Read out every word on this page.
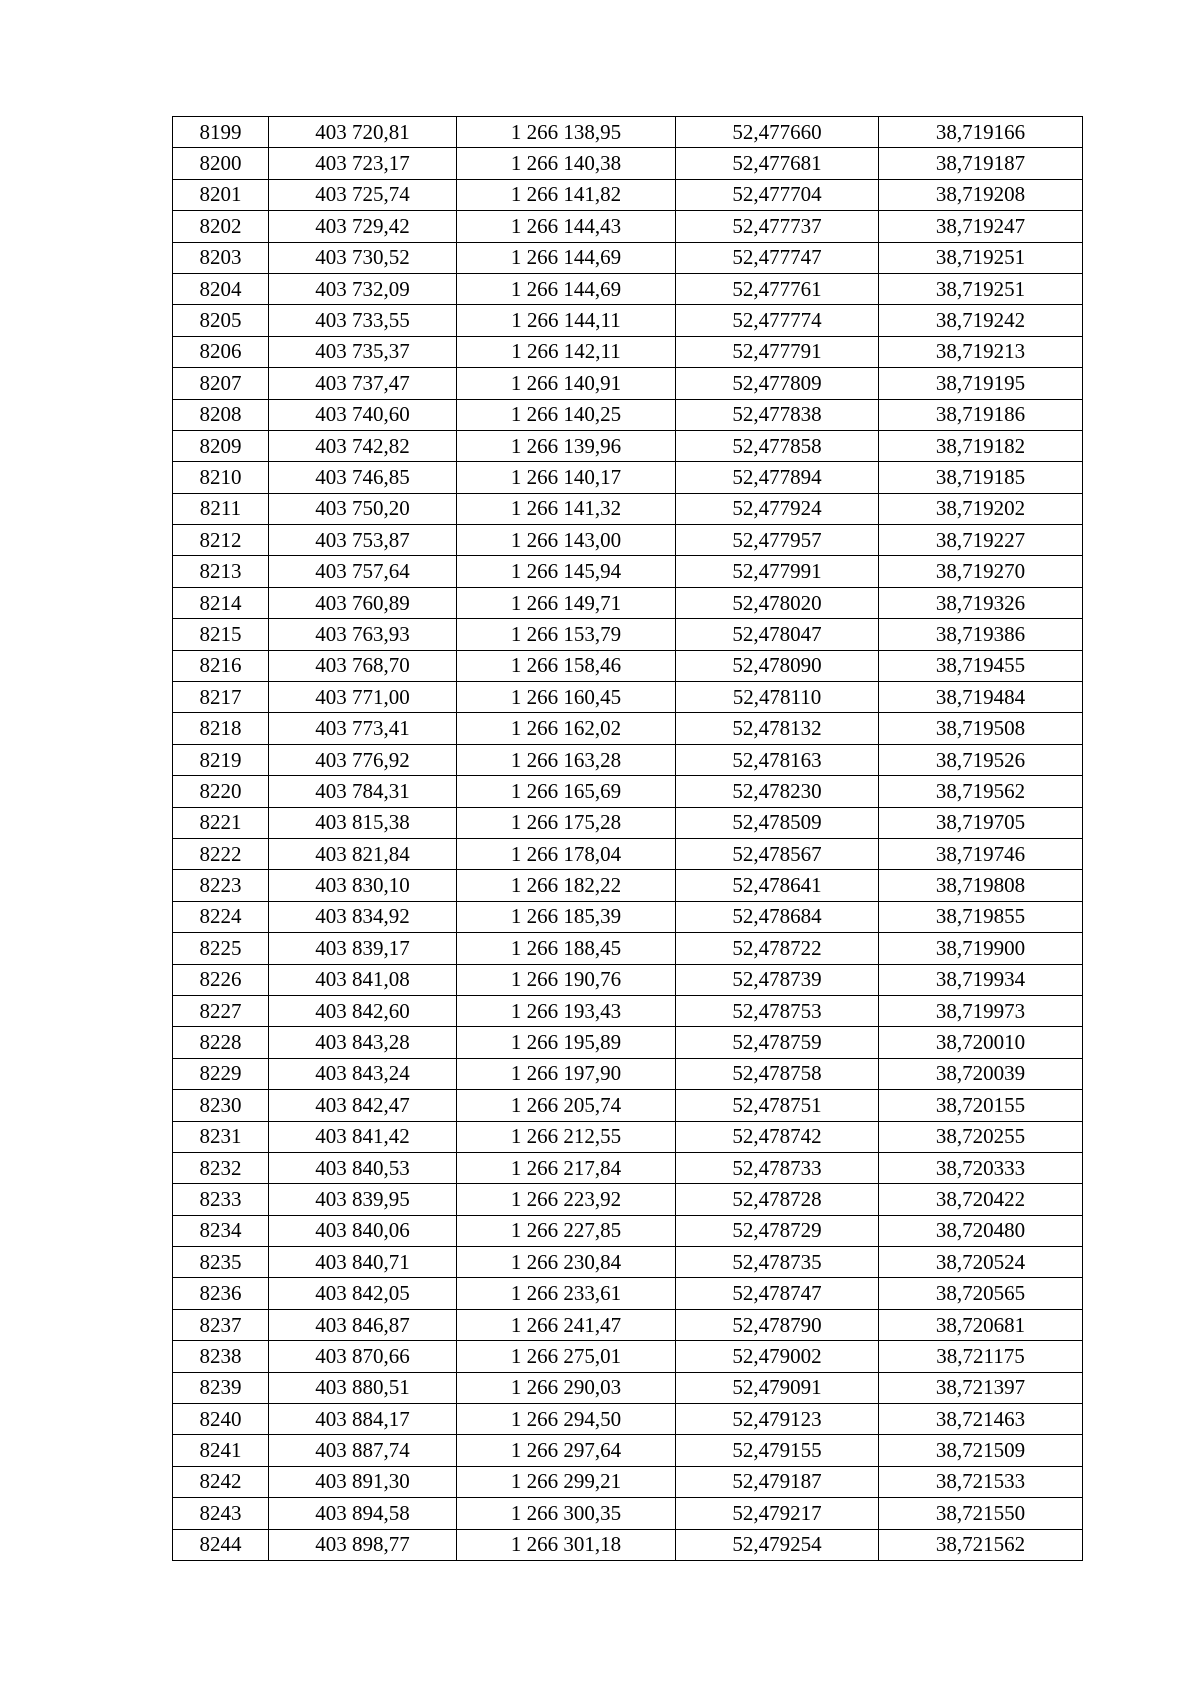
8199	403 720,81	1 266 138,95	52,477660	38,719166
8200	403 723,17	1 266 140,38	52,477681	38,719187
8201	403 725,74	1 266 141,82	52,477704	38,719208
8202	403 729,42	1 266 144,43	52,477737	38,719247
8203	403 730,52	1 266 144,69	52,477747	38,719251
8204	403 732,09	1 266 144,69	52,477761	38,719251
8205	403 733,55	1 266 144,11	52,477774	38,719242
8206	403 735,37	1 266 142,11	52,477791	38,719213
8207	403 737,47	1 266 140,91	52,477809	38,719195
8208	403 740,60	1 266 140,25	52,477838	38,719186
8209	403 742,82	1 266 139,96	52,477858	38,719182
8210	403 746,85	1 266 140,17	52,477894	38,719185
8211	403 750,20	1 266 141,32	52,477924	38,719202
8212	403 753,87	1 266 143,00	52,477957	38,719227
8213	403 757,64	1 266 145,94	52,477991	38,719270
8214	403 760,89	1 266 149,71	52,478020	38,719326
8215	403 763,93	1 266 153,79	52,478047	38,719386
8216	403 768,70	1 266 158,46	52,478090	38,719455
8217	403 771,00	1 266 160,45	52,478110	38,719484
8218	403 773,41	1 266 162,02	52,478132	38,719508
8219	403 776,92	1 266 163,28	52,478163	38,719526
8220	403 784,31	1 266 165,69	52,478230	38,719562
8221	403 815,38	1 266 175,28	52,478509	38,719705
8222	403 821,84	1 266 178,04	52,478567	38,719746
8223	403 830,10	1 266 182,22	52,478641	38,719808
8224	403 834,92	1 266 185,39	52,478684	38,719855
8225	403 839,17	1 266 188,45	52,478722	38,719900
8226	403 841,08	1 266 190,76	52,478739	38,719934
8227	403 842,60	1 266 193,43	52,478753	38,719973
8228	403 843,28	1 266 195,89	52,478759	38,720010
8229	403 843,24	1 266 197,90	52,478758	38,720039
8230	403 842,47	1 266 205,74	52,478751	38,720155
8231	403 841,42	1 266 212,55	52,478742	38,720255
8232	403 840,53	1 266 217,84	52,478733	38,720333
8233	403 839,95	1 266 223,92	52,478728	38,720422
8234	403 840,06	1 266 227,85	52,478729	38,720480
8235	403 840,71	1 266 230,84	52,478735	38,720524
8236	403 842,05	1 266 233,61	52,478747	38,720565
8237	403 846,87	1 266 241,47	52,478790	38,720681
8238	403 870,66	1 266 275,01	52,479002	38,721175
8239	403 880,51	1 266 290,03	52,479091	38,721397
8240	403 884,17	1 266 294,50	52,479123	38,721463
8241	403 887,74	1 266 297,64	52,479155	38,721509
8242	403 891,30	1 266 299,21	52,479187	38,721533
8243	403 894,58	1 266 300,35	52,479217	38,721550
8244	403 898,77	1 266 301,18	52,479254	38,721562
